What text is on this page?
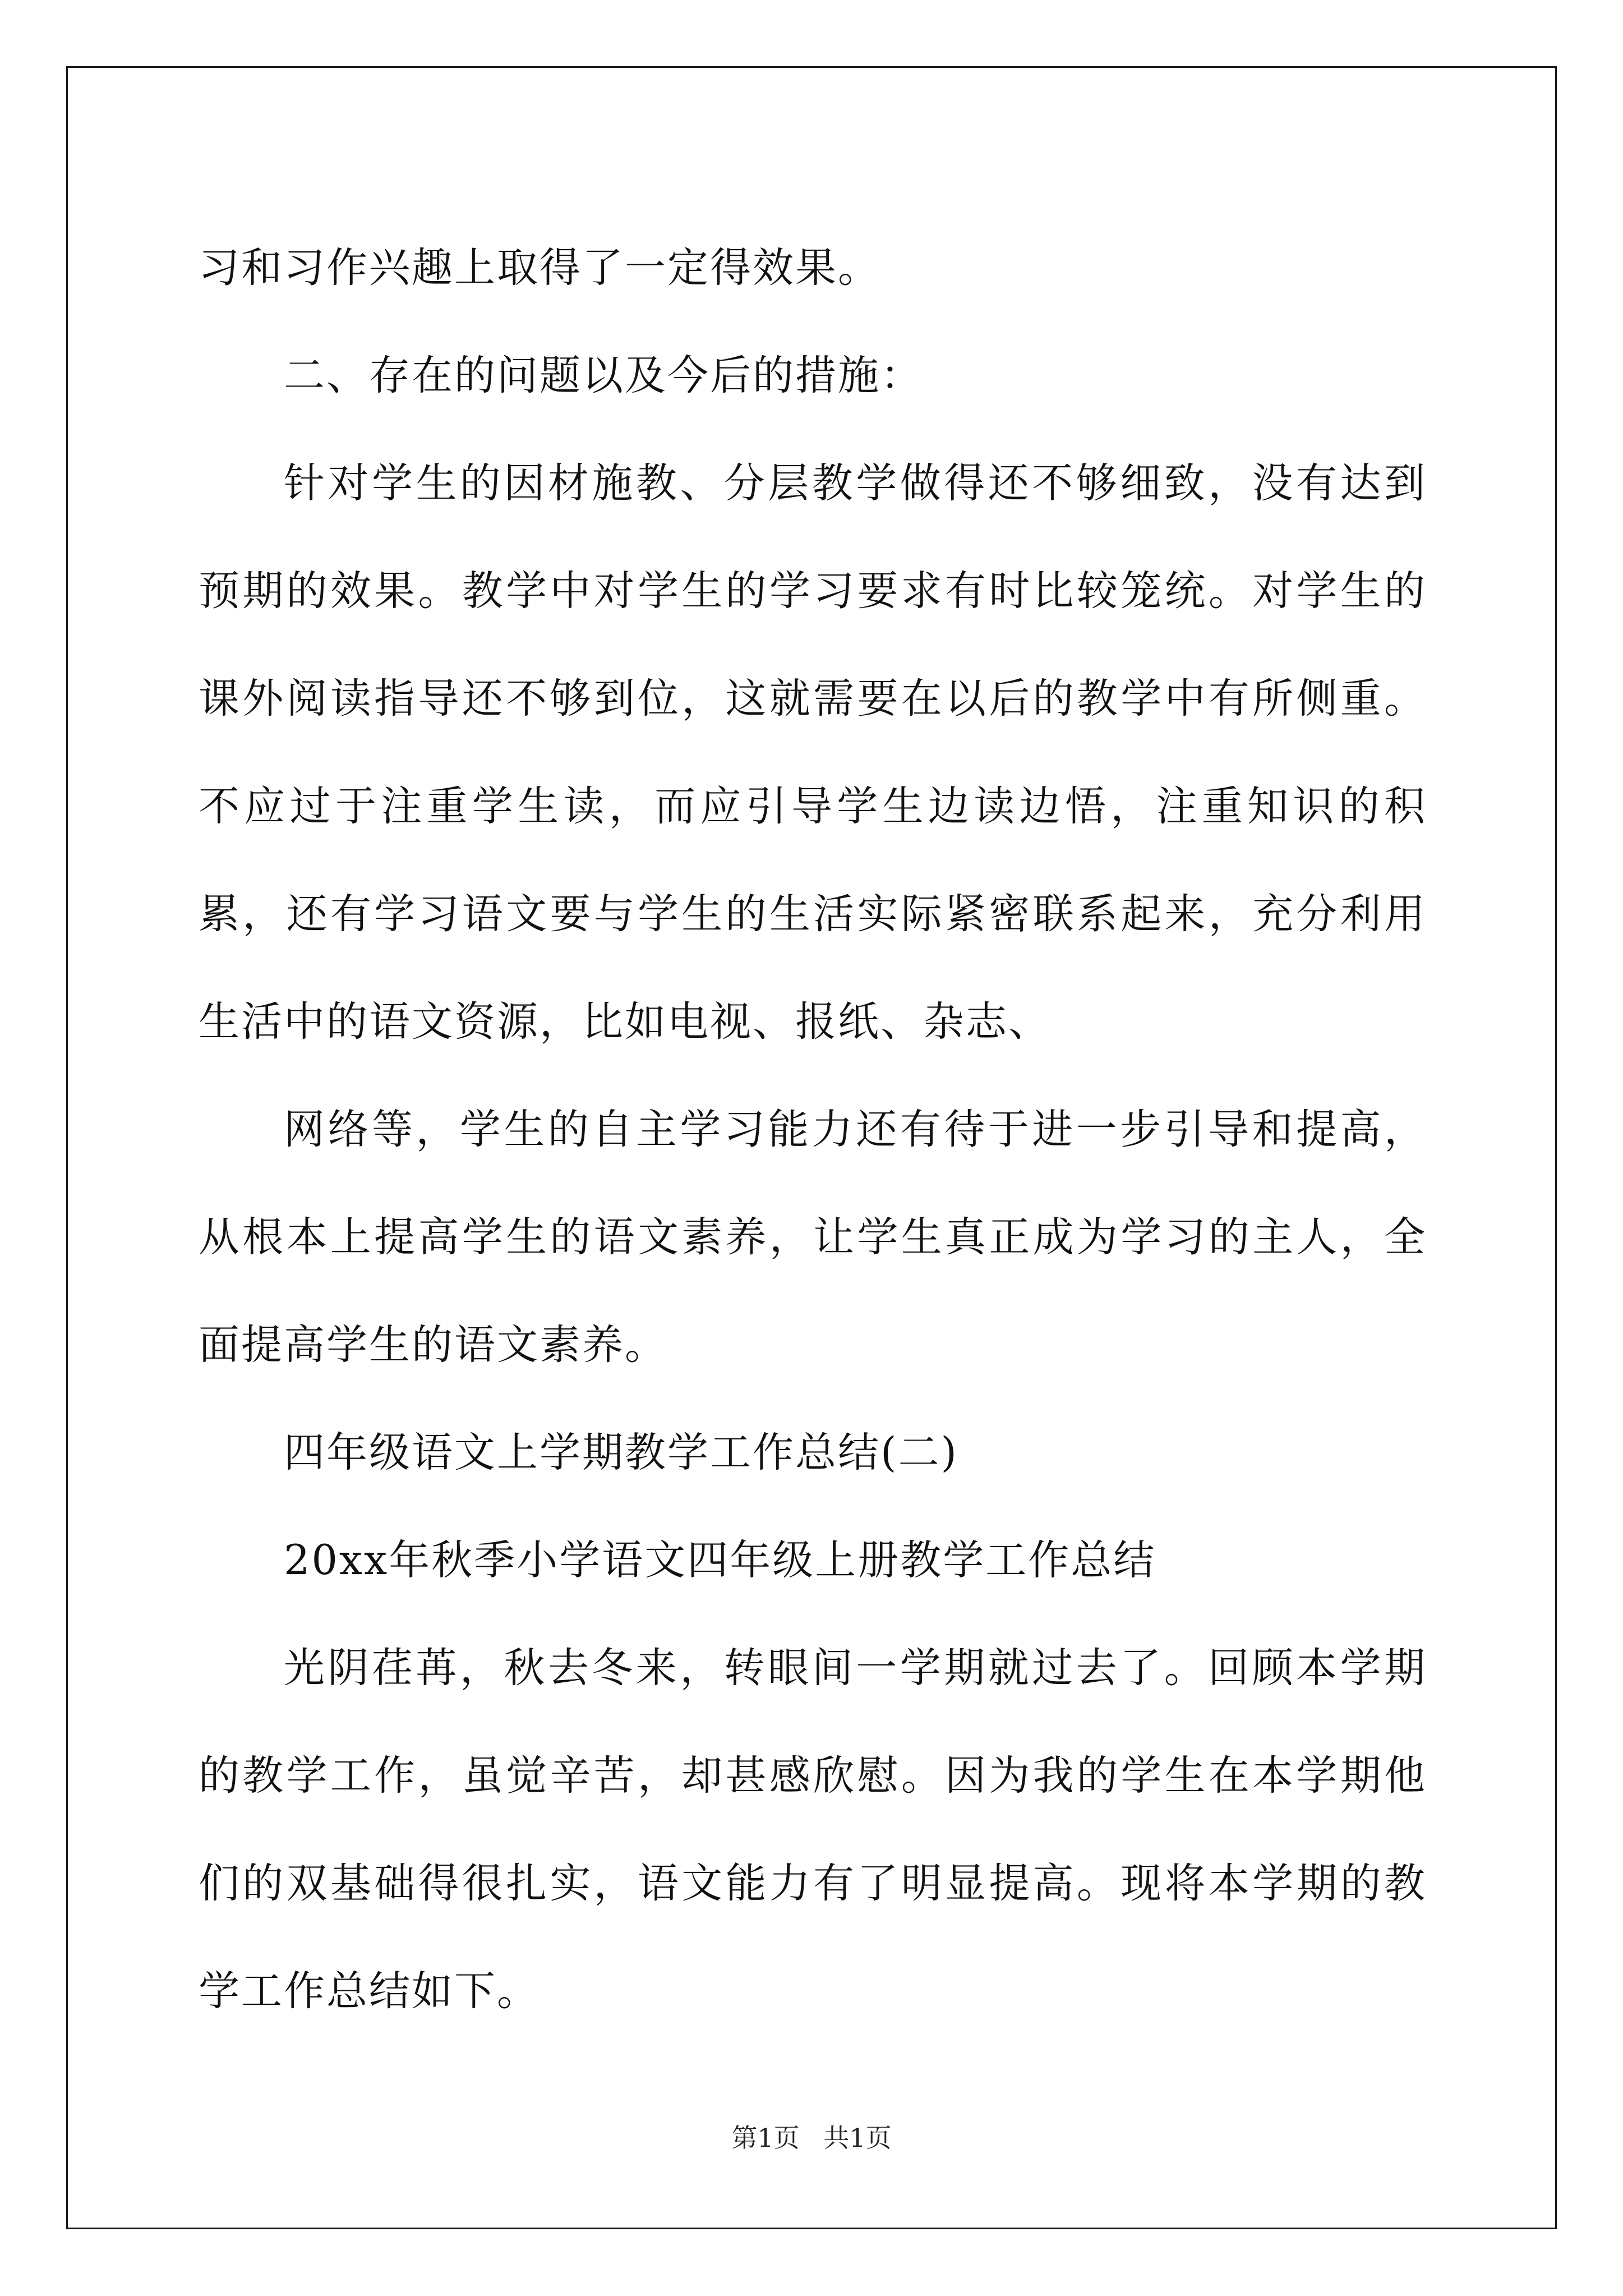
习和习作兴趣上取得了一定得效果。

二、存在的问题以及今后的措施：

针对学生的因材施教、分层教学做得还不够细致，没有达到预期的效果。教学中对学生的学习要求有时比较笼统。对学生的课外阅读指导还不够到位，这就需要在以后的教学中有所侧重。不应过于注重学生读，而应引导学生边读边悟，注重知识的积累，还有学习语文要与学生的生活实际紧密联系起来，充分利用生活中的语文资源，比如电视、报纸、杂志、

网络等，学生的自主学习能力还有待于进一步引导和提高，从根本上提高学生的语文素养，让学生真正成为学习的主人，全面提高学生的语文素养。

四年级语文上学期教学工作总结(二)

20xx年秋季小学语文四年级上册教学工作总结

光阴荏苒，秋去冬来，转眼间一学期就过去了。回顾本学期的教学工作，虽觉辛苦，却甚感欣慰。因为我的学生在本学期他们的双基础得很扎实，语文能力有了明显提高。现将本学期的教学工作总结如下。

第1页 共1页
